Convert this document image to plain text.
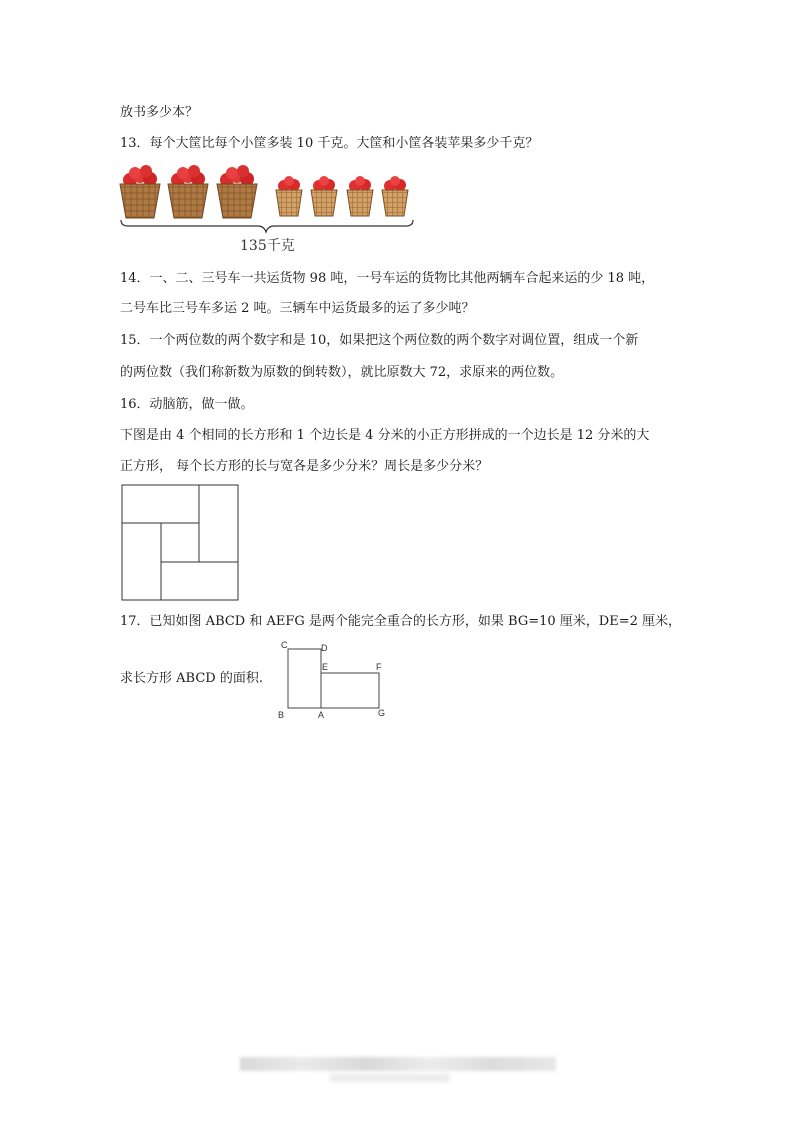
放书多少本？
13．每个大筐比每个小筐多装 10 千克。大筐和小筐各装苹果多少千克？
135千克
14．一、二、三号车一共运货物 98 吨，一号车运的货物比其他两辆车合起来运的少 18 吨，
二号车比三号车多运 2 吨。三辆车中运货最多的运了多少吨？
15．一个两位数的两个数字和是 10，如果把这个两位数的两个数字对调位置，组成一个新
的两位数（我们称新数为原数的倒转数），就比原数大 72，求原来的两位数。
16．动脑筋，做一做。
下图是由 4 个相同的长方形和 1 个边长是 4 分米的小正方形拼成的一个边长是 12 分米的大
正方形， 每个长方形的长与宽各是多少分米？周长是多少分米？
17．已知如图 ABCD 和 AEFG 是两个能完全重合的长方形，如果 BG=10 厘米，DE=2 厘米，
求长方形 ABCD 的面积.
C	D
E	F
B	A	G
